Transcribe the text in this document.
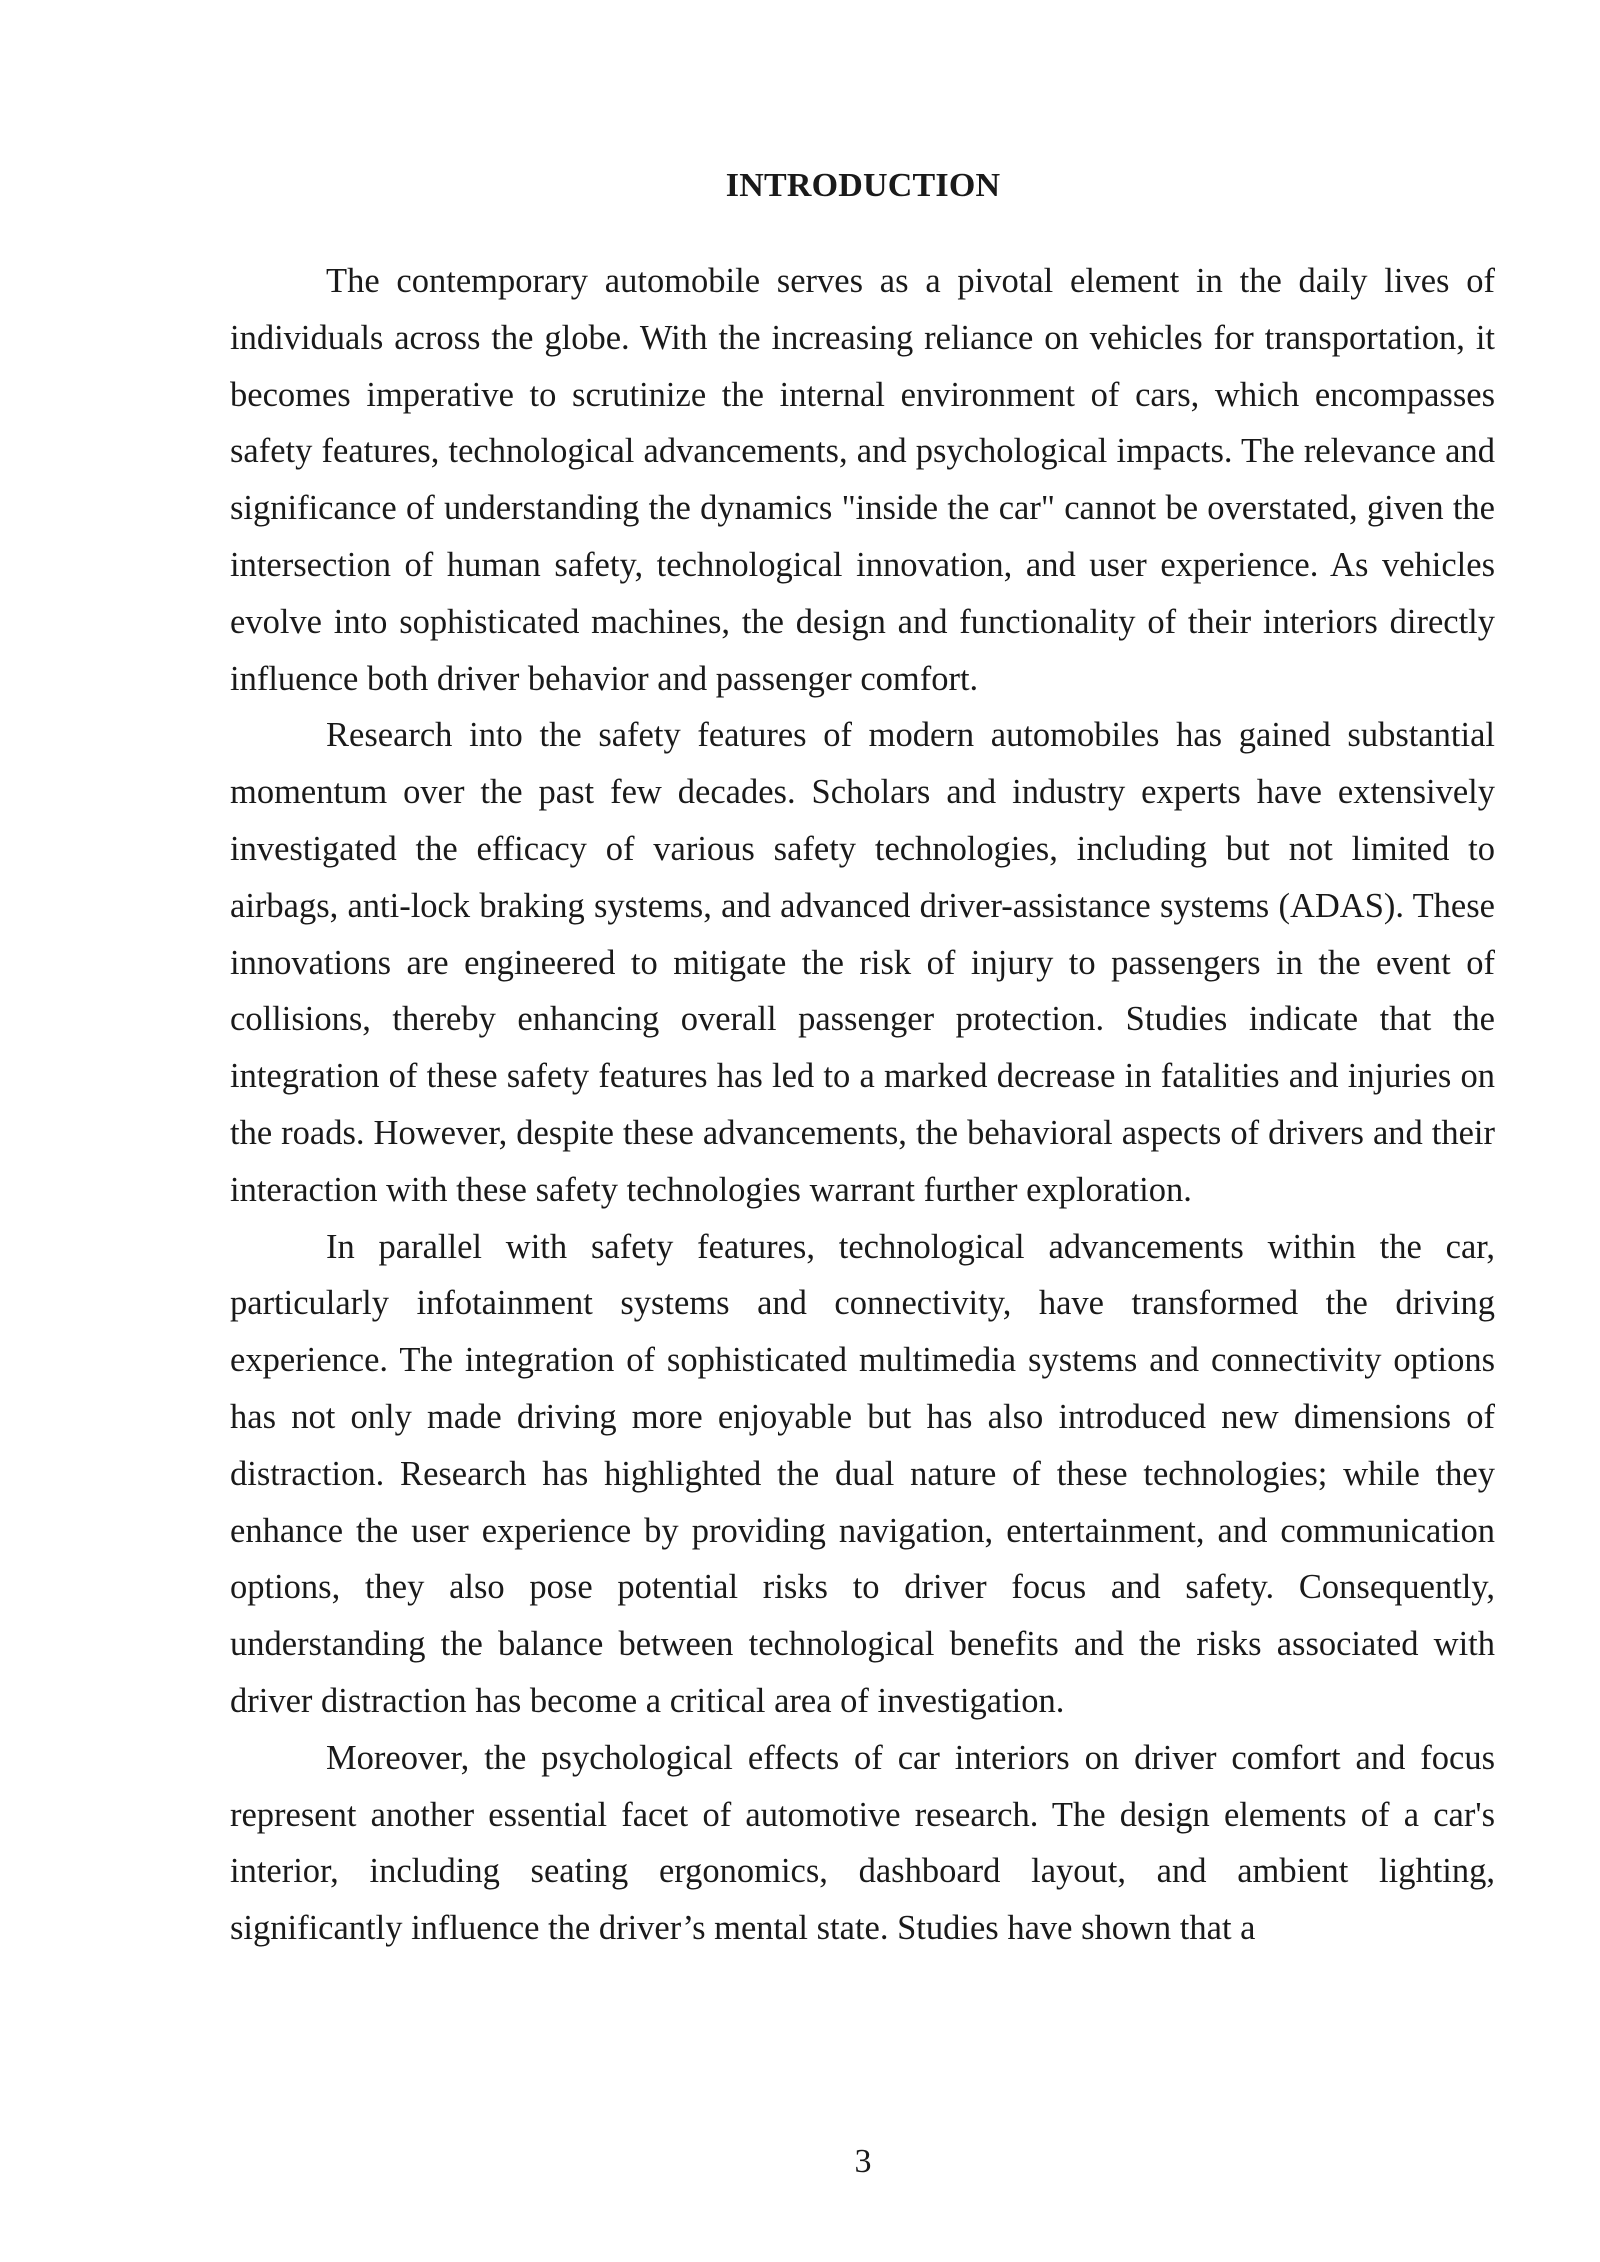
INTRODUCTION

The contemporary automobile serves as a pivotal element in the daily lives of individuals across the globe. With the increasing reliance on vehicles for transportation, it becomes imperative to scrutinize the internal environment of cars, which encompasses safety features, technological advancements, and psychological impacts. The relevance and significance of understanding the dynamics "inside the car" cannot be overstated, given the intersection of human safety, technological innovation, and user experience. As vehicles evolve into sophisticated machines, the design and functionality of their interiors directly influence both driver behavior and passenger comfort.

Research into the safety features of modern automobiles has gained substantial momentum over the past few decades. Scholars and industry experts have extensively investigated the efficacy of various safety technologies, including but not limited to airbags, anti-lock braking systems, and advanced driver-assistance systems (ADAS). These innovations are engineered to mitigate the risk of injury to passengers in the event of collisions, thereby enhancing overall passenger protection. Studies indicate that the integration of these safety features has led to a marked decrease in fatalities and injuries on the roads. However, despite these advancements, the behavioral aspects of drivers and their interaction with these safety technologies warrant further exploration.

In parallel with safety features, technological advancements within the car, particularly infotainment systems and connectivity, have transformed the driving experience. The integration of sophisticated multimedia systems and connectivity options has not only made driving more enjoyable but has also introduced new dimensions of distraction. Research has highlighted the dual nature of these technologies; while they enhance the user experience by providing navigation, entertainment, and communication options, they also pose potential risks to driver focus and safety. Consequently, understanding the balance between technological benefits and the risks associated with driver distraction has become a critical area of investigation.

Moreover, the psychological effects of car interiors on driver comfort and focus represent another essential facet of automotive research. The design elements of a car's interior, including seating ergonomics, dashboard layout, and ambient lighting, significantly influence the driver’s mental state. Studies have shown that a

3
